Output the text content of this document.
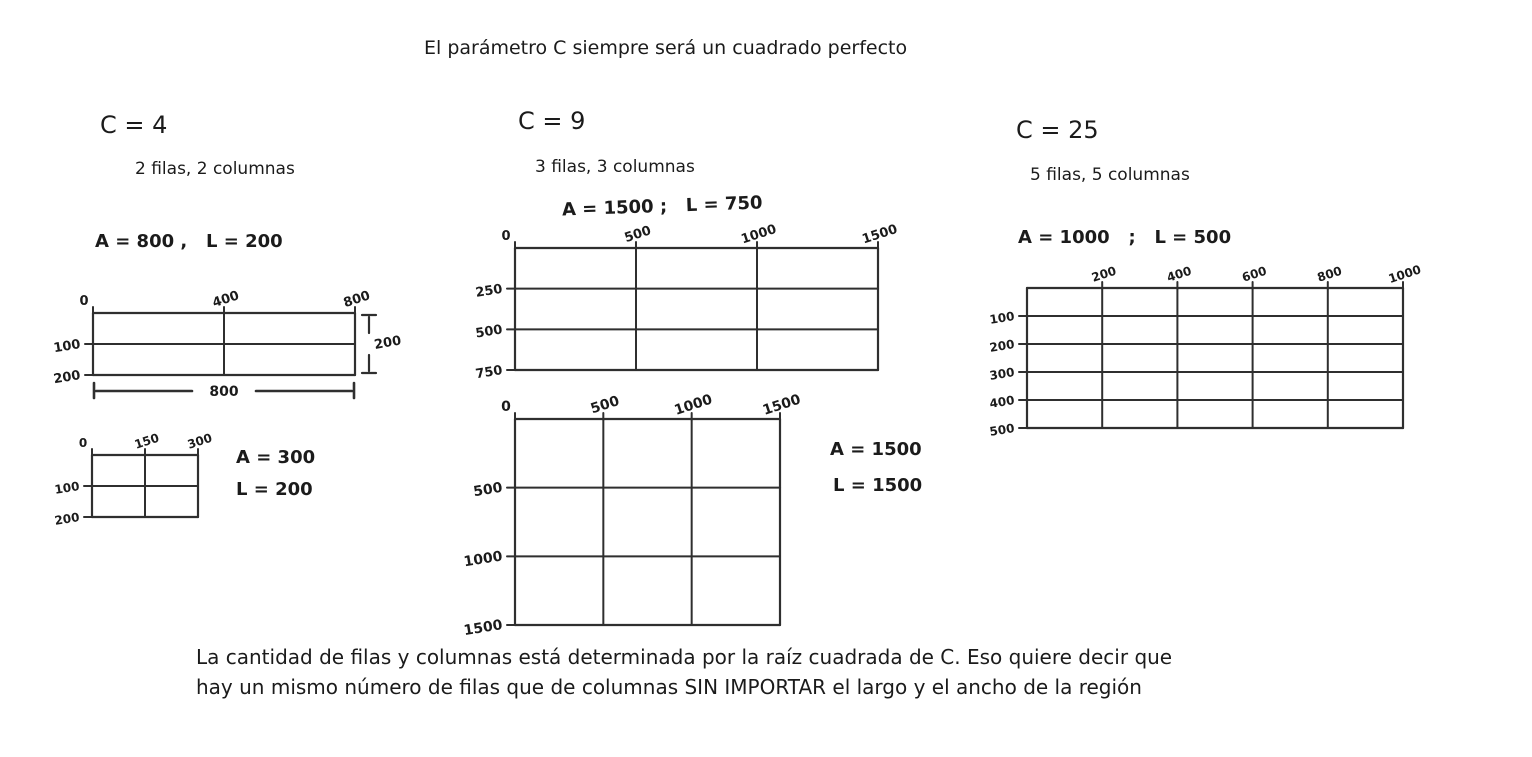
El parámetro C siempre será un cuadrado perfecto
C = 4
2 filas, 2 columnas
A = 800 ,   L = 200
A = 300
L = 200
C = 9
3 filas, 3 columnas
A = 1500 ;   L = 750
A = 1500
L = 1500
C = 25
5 filas, 5 columnas
A = 1000   ;   L = 500
La cantidad de filas y columnas está determinada por la raíz cuadrada de C. Eso quiere decir que
hay un mismo número de filas que de columnas SIN IMPORTAR el largo y el ancho de la región
0	400	800
100
200
200
800
0	150 300
100
200
0	500	1000	1500
250
500
750
0	500	1000	1500
500
1000
1500
200	400	600	800	1000
100
200
300
400
500
